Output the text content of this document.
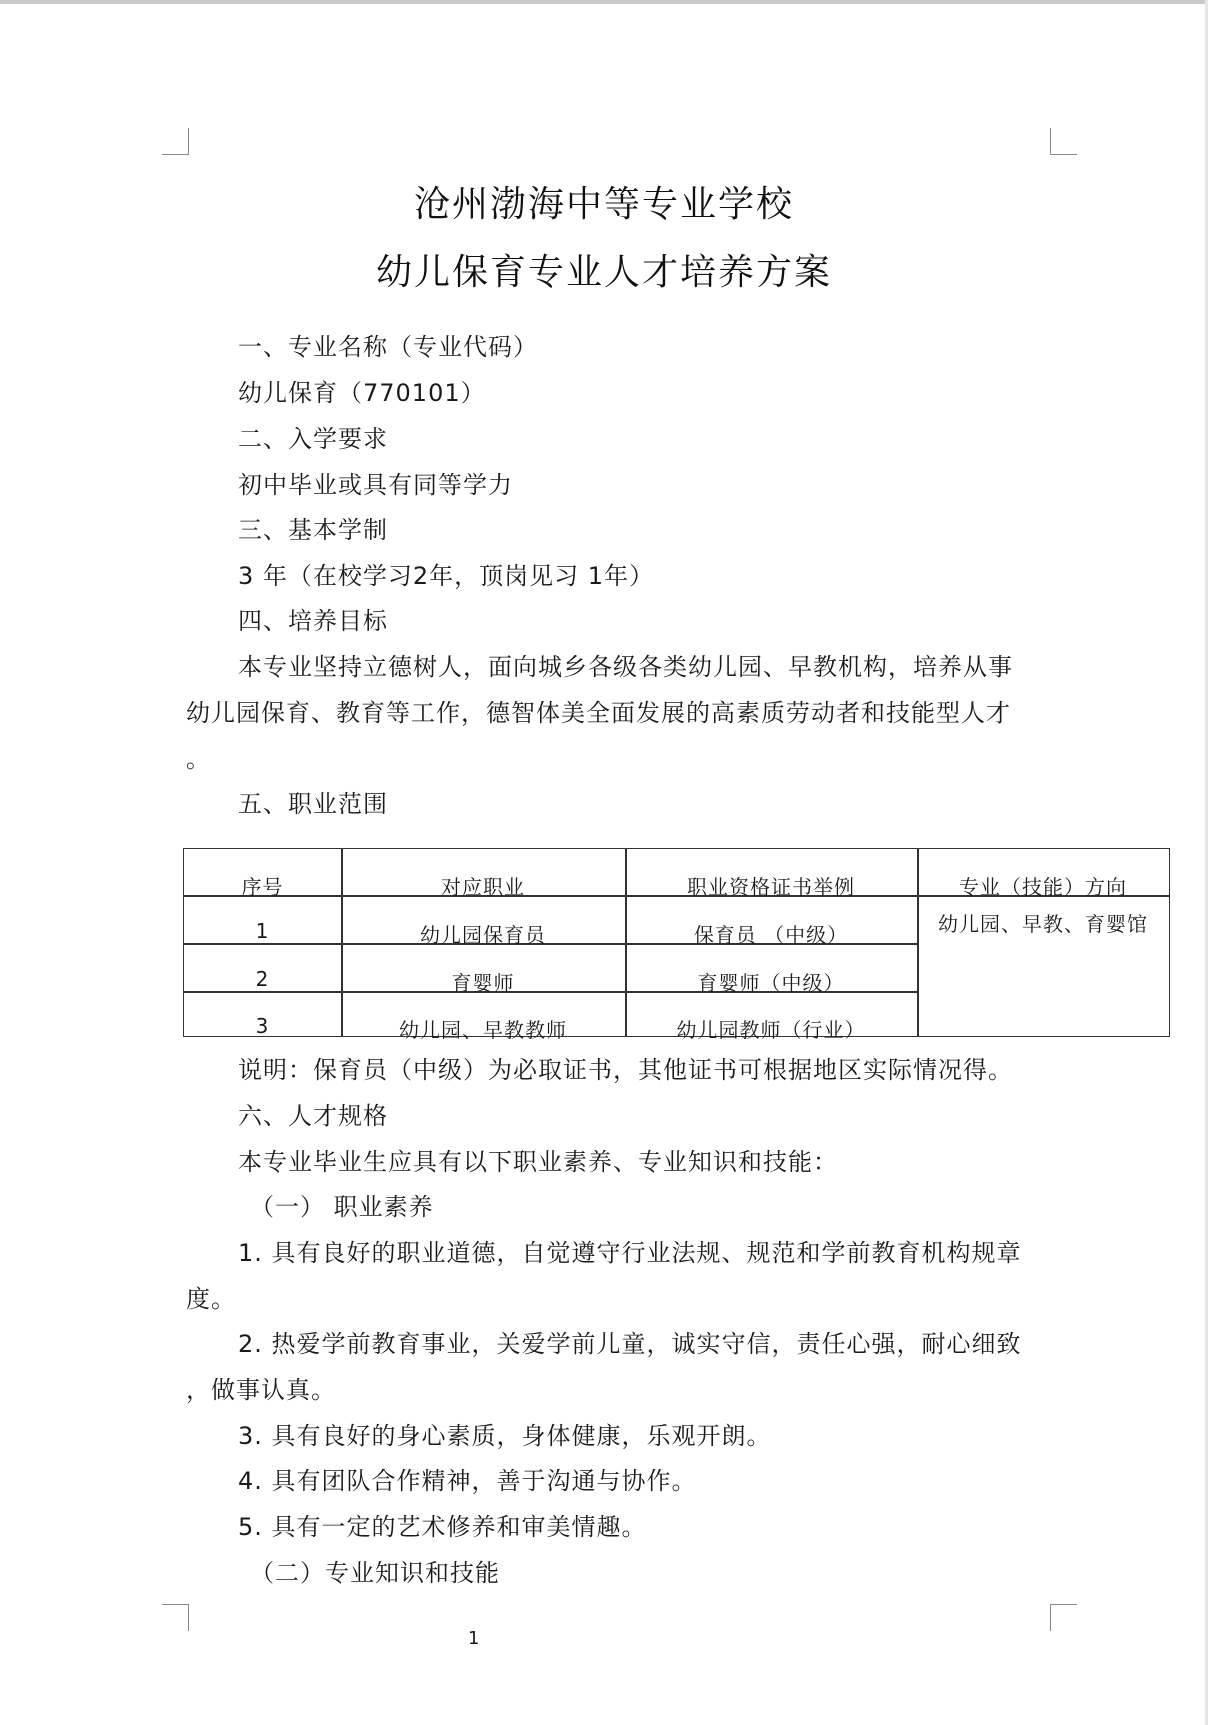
沧州渤海中等专业学校
幼儿保育专业人才培养方案
一、专业名称（专业代码）
幼儿保育（770101）
二、入学要求
初中毕业或具有同等学力
三、基本学制
3 年（在校学习2年，顶岗见习 1年）
四、培养目标
本专业坚持立德树人，面向城乡各级各类幼儿园、早教机构，培养从事
幼儿园保育、教育等工作，德智体美全面发展的高素质劳动者和技能型人才
。
五、职业范围
序号	对应职业	职业资格证书举例	专业（技能）方向
1	幼儿园保育员	保育员 （中级）
2	育婴师	育婴师（中级）
3	幼儿园、早教教师	幼儿园教师（行业）
幼儿园、早教、育婴馆
说明：保育员（中级）为必取证书，其他证书可根据地区实际情况得。
六、人才规格
本专业毕业生应具有以下职业素养、专业知识和技能：
（一） 职业素养
1. 具有良好的职业道德，自觉遵守行业法规、规范和学前教育机构规章
度。
2. 热爱学前教育事业，关爱学前儿童，诚实守信，责任心强，耐心细致
，做事认真。
3. 具有良好的身心素质，身体健康，乐观开朗。
4. 具有团队合作精神，善于沟通与协作。
5. 具有一定的艺术修养和审美情趣。
（二）专业知识和技能
1
